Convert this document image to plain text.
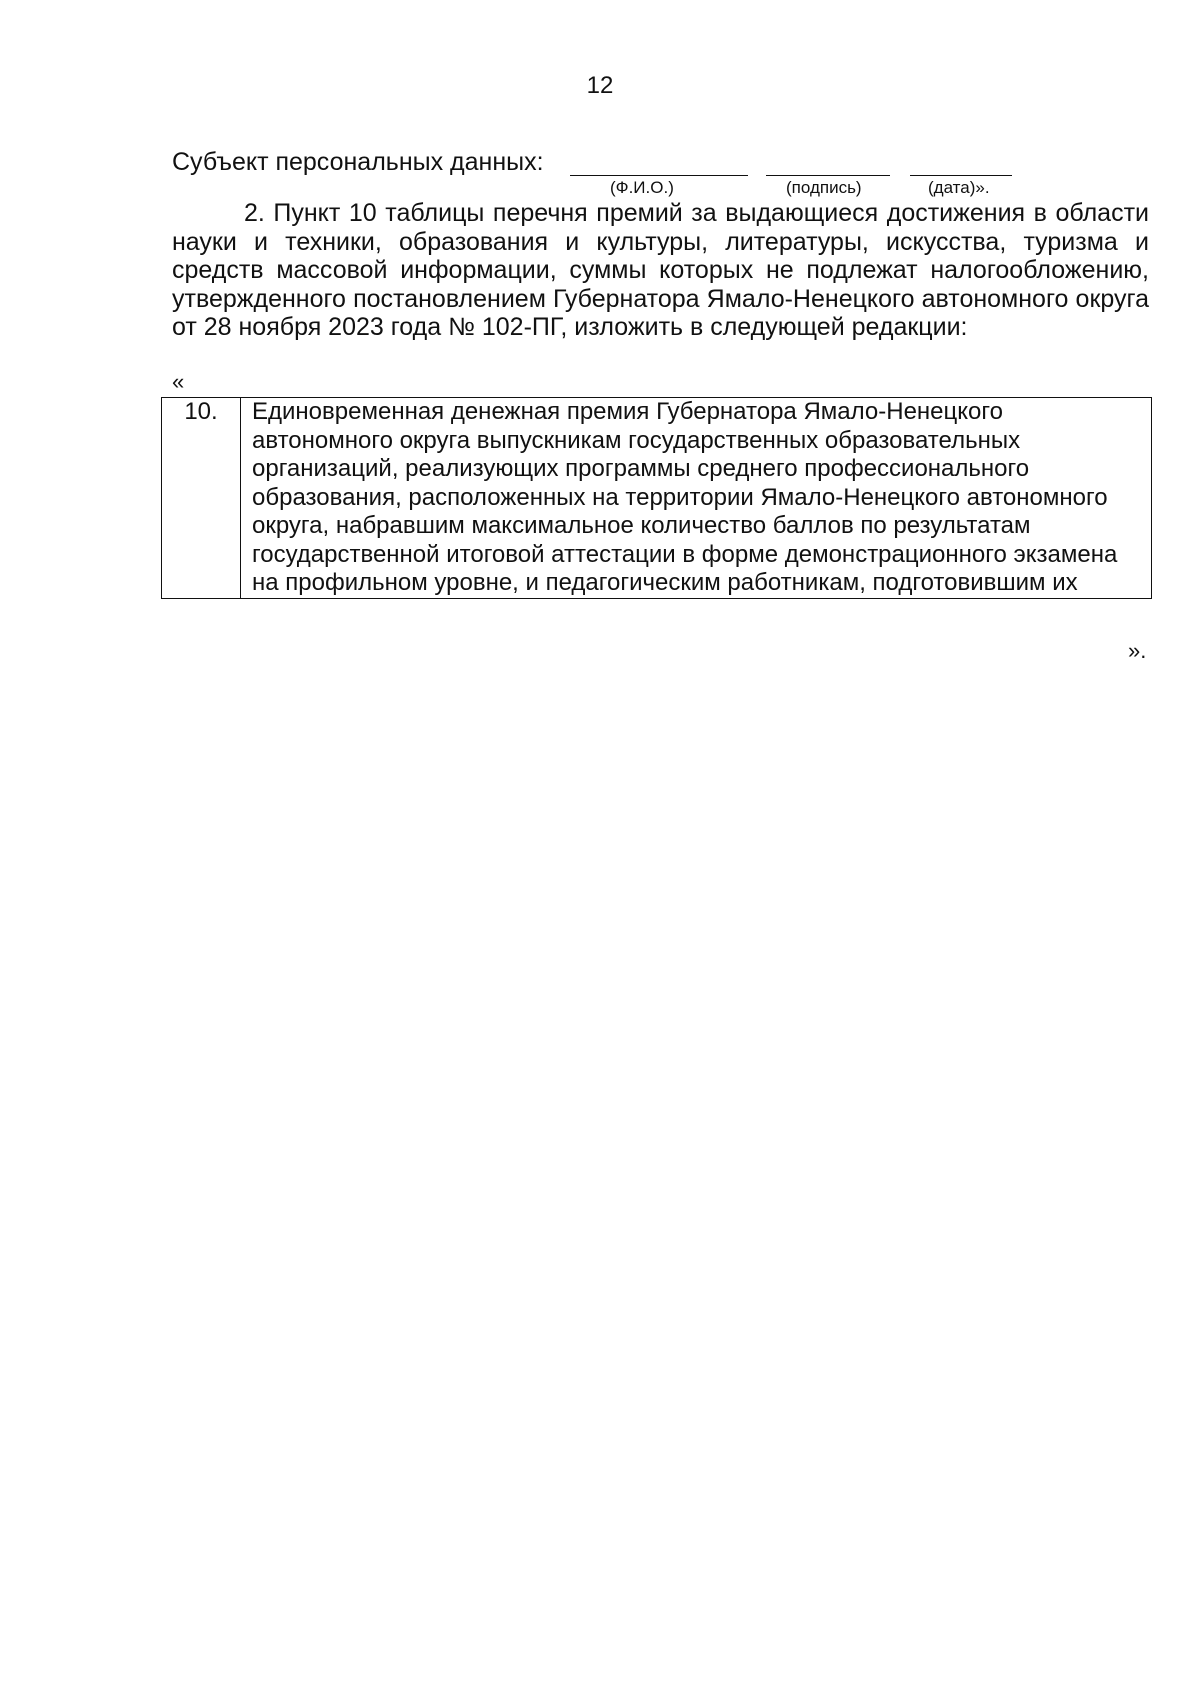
12
Субъект персональных данных:
(Ф.И.О.)	(подпись)	(дата)».
2. Пункт 10 таблицы перечня премий за выдающиеся достижения в области науки и техники, образования и культуры, литературы, искусства, туризма и средств массовой информации, суммы которых не подлежат налогообложению, утвержденного постановлением Губернатора Ямало-Ненецкого автономного округа от 28 ноября 2023 года № 102-ПГ, изложить в следующей редакции:
«
10.	Единовременная денежная премия Губернатора Ямало-Ненецкого автономного округа выпускникам государственных образовательных организаций, реализующих программы среднего профессионального образования, расположенных на территории Ямало-Ненецкого автономного округа, набравшим максимальное количество баллов по результатам государственной итоговой аттестации в форме демонстрационного экзамена на профильном уровне, и педагогическим работникам, подготовившим их
».
